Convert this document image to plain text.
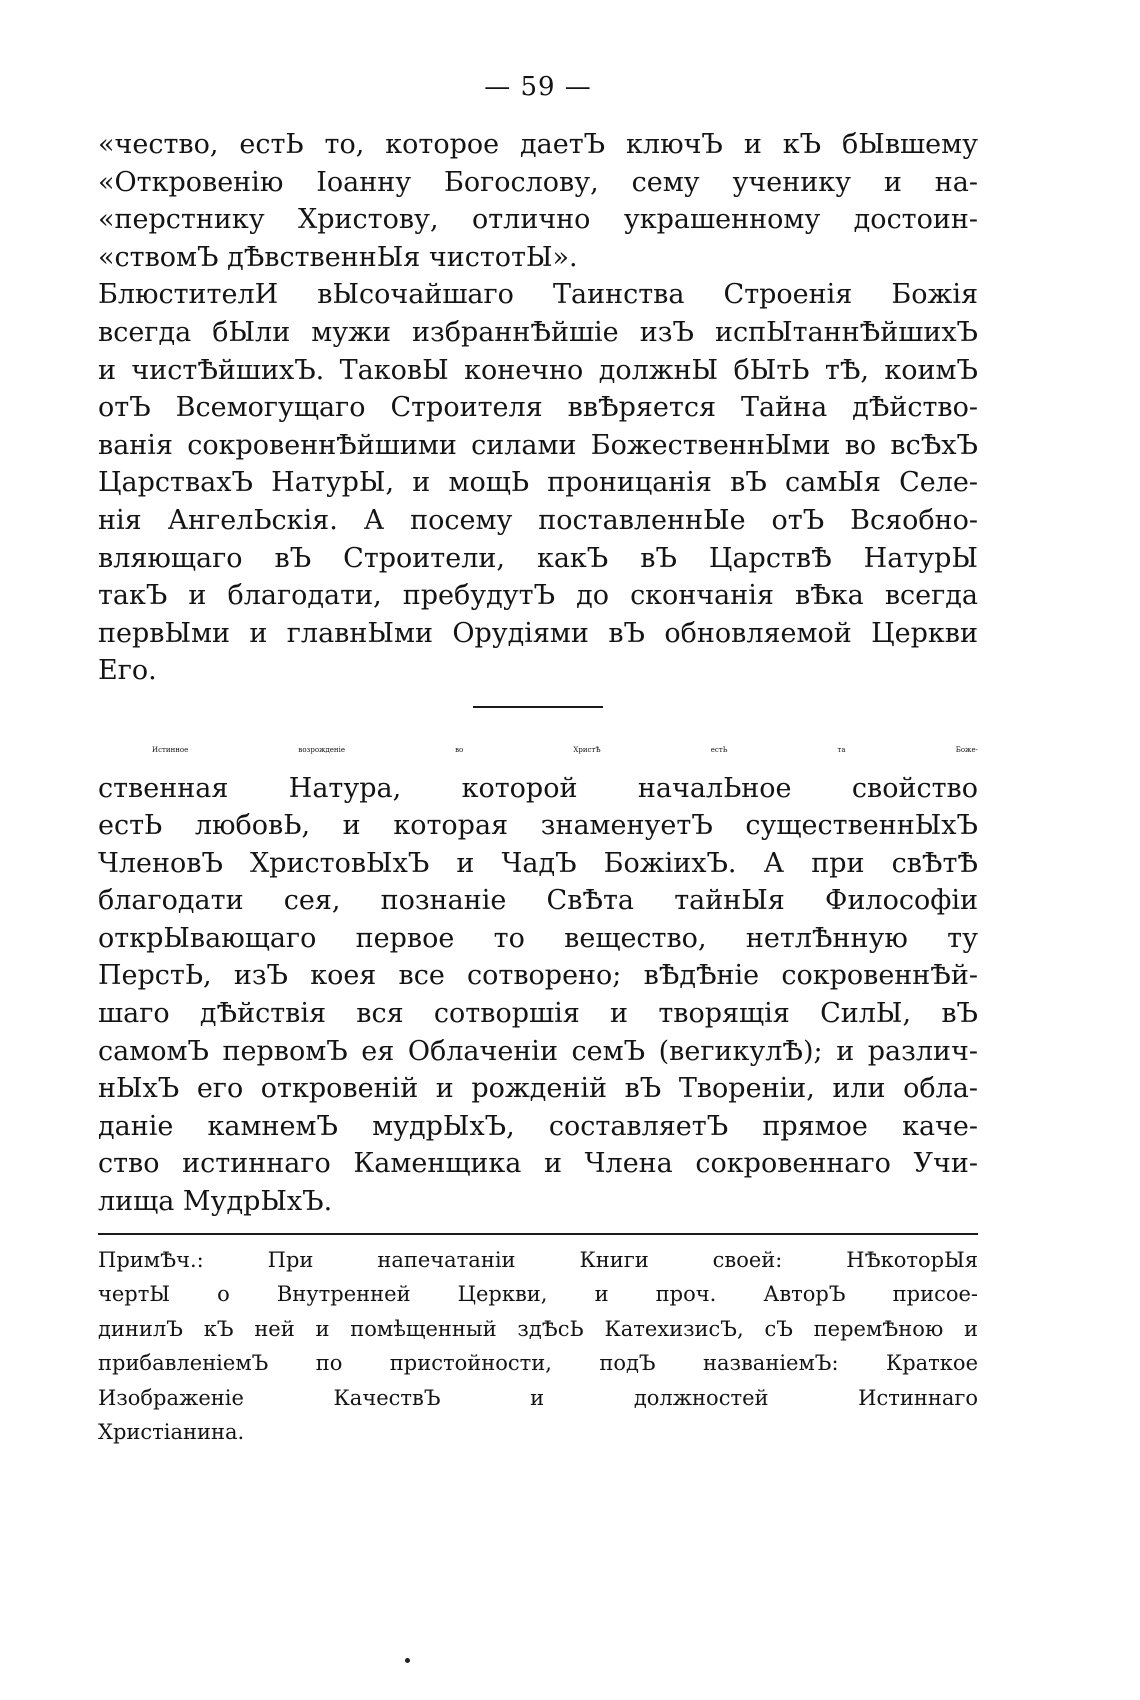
— 59 —
«чество, естЬ то, которое даетЪ ключЪ и кЪ бЫвшему
«Откровенію Іоанну Богослову, сему ученику и на-
«перстнику Христову, отлично украшенному достоин-
«ствомЪ дѢвственнЫя чистотЫ».
БлюстителИ вЫсочайшаго Таинства Строенія Божія
всегда бЫли мужи избраннѢйшіе изЪ испЫтаннѢйшихЪ
и чистѢйшихЪ. ТаковЫ конечно должнЫ бЫтЬ тѢ, коимЪ
отЪ Всемогущаго Строителя ввѢряется Тайна дѢйство-
ванія сокровеннѢйшими силами БожественнЫми во всѢхЪ
ЦарствахЪ НатурЫ, и мощЬ проницанія вЪ самЫя Селе-
нія АнгелЬскія. А посему поставленнЫе отЪ Всяобно-
вляющаго вЪ Строители, какЪ вЪ ЦарствѢ НатурЫ
такЪ и благодати, пребудутЪ до скончанія вѢка всегда
первЫми и главнЫми Орудіями вЪ обновляемой Церкви
Его.
Истинное возрожденіе во ХристѢ естЬ та Боже-
ственная Натура, которой началЬное свойство
естЬ любовЬ, и которая знаменуетЪ существеннЫхЪ
ЧленовЪ ХристовЫхЪ и ЧадЪ БожіихЪ. А при свѢтѢ
благодати сея, познаніе СвѢта тайнЫя Философіи
открЫвающаго первое то вещество, нетлѢнную ту
ПерстЬ, изЪ коея все сотворено; вѢдѢніе сокровеннѢй-
шаго дѢйствія вся сотворшія и творящія СилЫ, вЪ
самомЪ первомЪ ея Облаченіи семЪ (вегикулѢ); и различ-
нЫхЪ его откровеній и рожденій вЪ Твореніи, или обла-
даніе камнемЪ мудрЫхЪ, составляетЪ прямое каче-
ство истиннаго Каменщика и Члена сокровеннаго Учи-
лища МудрЫхЪ.
ПримѢч.: При напечатаніи Книги своей: НѢкоторЫя
чертЫ о Внутренней Церкви, и проч. АвторЪ присое-
динилЪ кЪ ней и помѣщенный здѢсЬ КатехизисЪ, сЪ перемѢною и
прибавленіемЪ по пристойности, подЪ названіемЪ: Краткое
Изображеніе КачествЪ и должностей Истиннаго
Христіанина.
